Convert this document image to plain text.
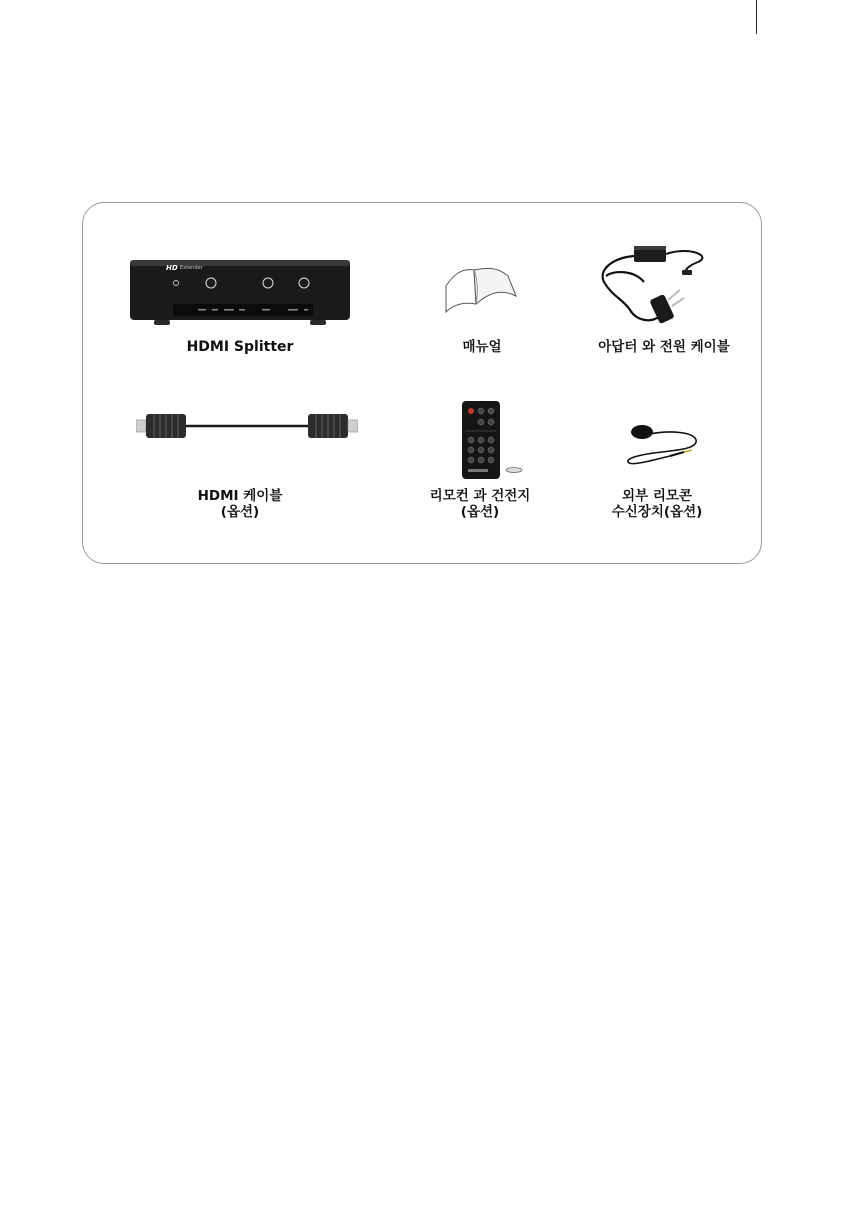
HD Extender
HDMI Splitter	매뉴얼	아답터 와 전원 케이블
HDMI 케이블
(옵션)
리모컨 과 건전지
(옵션)
외부 리모콘
수신장치(옵션)
